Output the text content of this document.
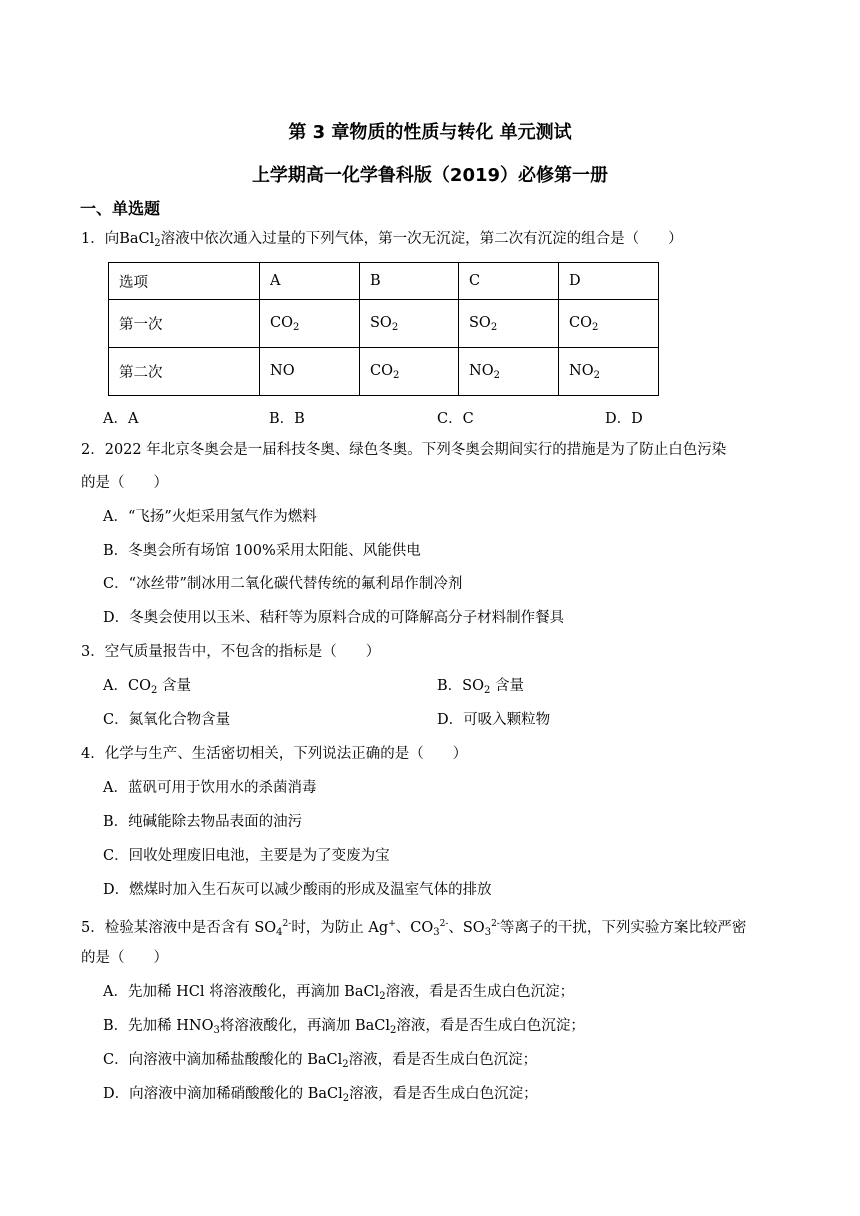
第 3 章物质的性质与转化 单元测试
上学期高一化学鲁科版（2019）必修第一册
一、单选题
1．向BaCl$_2$溶液中依次通入过量的下列气体，第一次无沉淀，第二次有沉淀的组合是（　　）
选项	A	B	C	D
第一次	$CO_2$	$SO_2$	$SO_2$	$CO_2$
第二次	NO	$CO_2$	$NO_2$	$NO_2$
A．A	B．B	C．C	D．D
2．2022 年北京冬奥会是一届科技冬奥、绿色冬奥。下列冬奥会期间实行的措施是为了防止白色污染
的是（　　）
A．“飞扬”火炬采用氢气作为燃料
B．冬奥会所有场馆 100%采用太阳能、风能供电
C．“冰丝带”制冰用二氧化碳代替传统的氟利昂作制冷剂
D．冬奥会使用以玉米、秸秆等为原料合成的可降解高分子材料制作餐具
3．空气质量报告中，不包含的指标是（　　）
A．$CO_2$ 含量	B．$SO_2$ 含量
C．氮氧化合物含量	D．可吸入颗粒物
4．化学与生产、生活密切相关，下列说法正确的是（　　）
A．蓝矾可用于饮用水的杀菌消毒
B．纯碱能除去物品表面的油污
C．回收处理废旧电池，主要是为了变废为宝
D．燃煤时加入生石灰可以减少酸雨的形成及温室气体的排放
5．检验某溶液中是否含有 $SO_4^{2-}$时，为防止 Ag+、$CO_3^{2-}$、$SO_3^{2-}$等离子的干扰，下列实验方案比较严密
的是（　　）
A．先加稀 HCl 将溶液酸化，再滴加 BaCl$_2$溶液，看是否生成白色沉淀；
B．先加稀 $HNO_3$将溶液酸化，再滴加 BaCl$_2$溶液，看是否生成白色沉淀；
C．向溶液中滴加稀盐酸酸化的 BaCl$_2$溶液，看是否生成白色沉淀；
D．向溶液中滴加稀硝酸酸化的 BaCl$_2$溶液，看是否生成白色沉淀；
